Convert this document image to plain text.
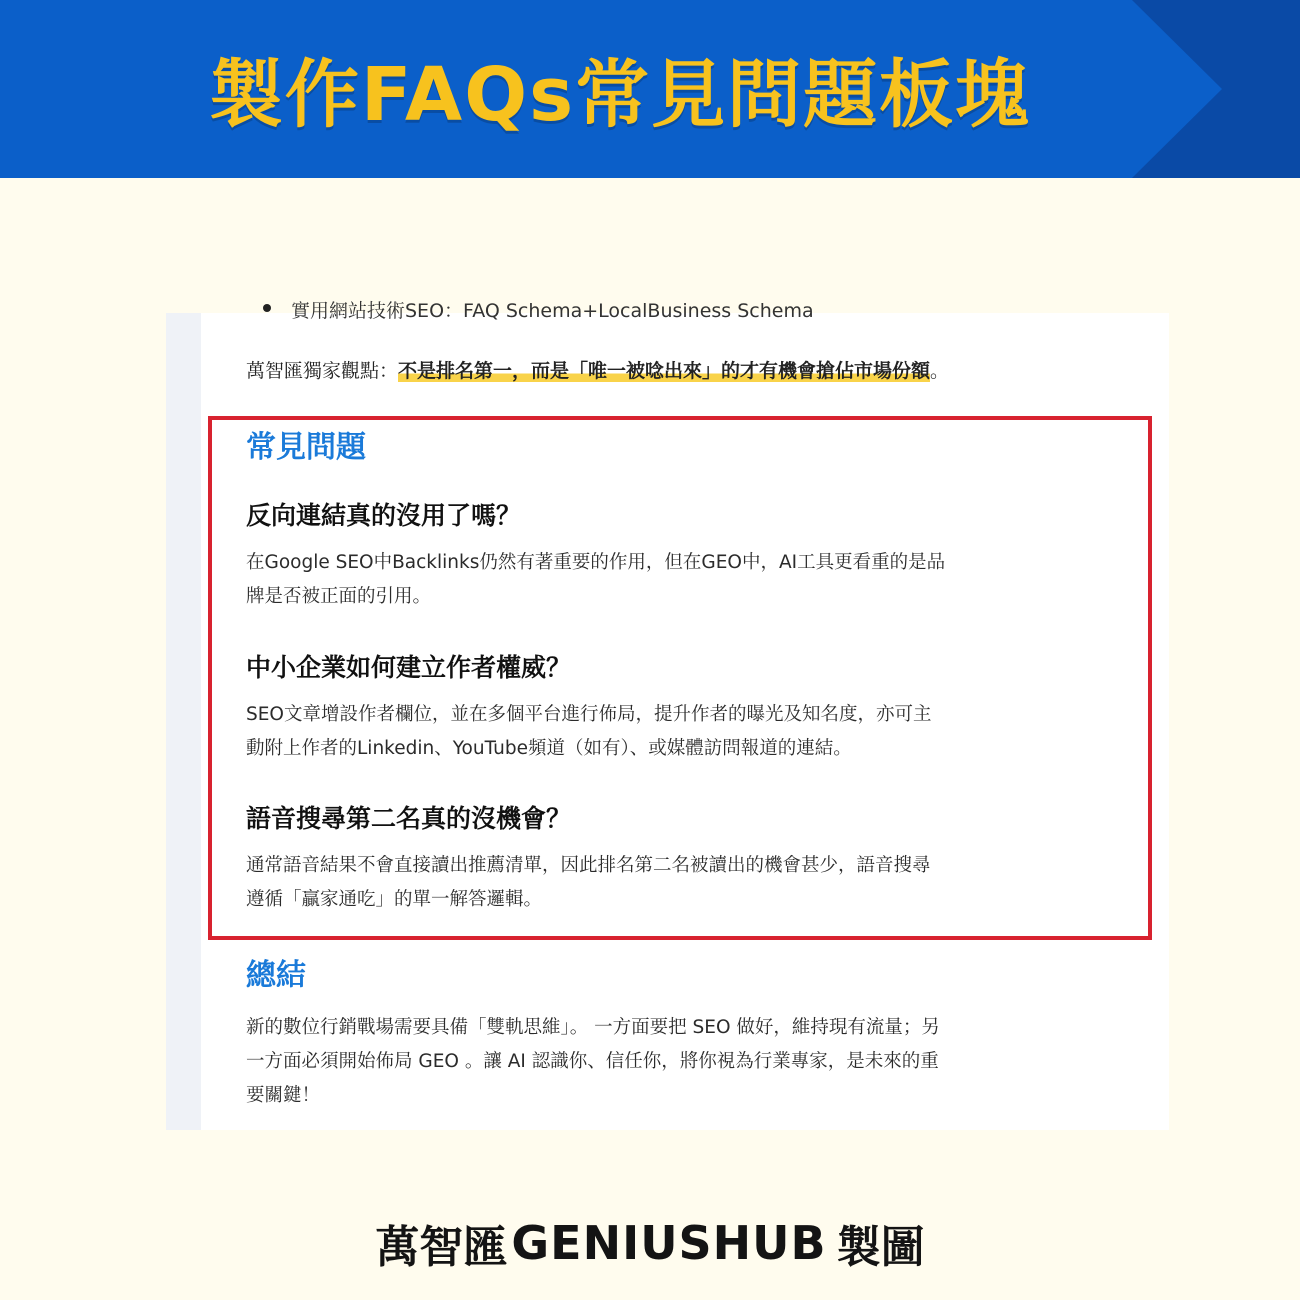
製作FAQs常見問題板塊
實用網站技術SEO：FAQ Schema+LocalBusiness Schema
萬智匯獨家觀點：不是排名第一，而是「唯一被唸出來」的才有機會搶佔市場份額。
總結

新的數位行銷戰場需要具備「雙軌思維」。 一方面要把 SEO 做好，維持現有流量；另
一方面必須開始佈局 GEO 。讓 AI 認識你、信任你，將你視為行業專家，是未來的重
要關鍵！

常見問題
反向連結真的沒用了嗎？

在Google SEO中Backlinks仍然有著重要的作用，但在GEO中，AI工具更看重的是品
牌是否被正面的引用。

中小企業如何建立作者權威？

SEO文章增設作者欄位，並在多個平台進行佈局，提升作者的曝光及知名度，亦可主
動附上作者的Linkedin、YouTube頻道（如有）、或媒體訪問報道的連結。

語音搜尋第二名真的沒機會？

通常語音結果不會直接讀出推薦清單，因此排名第二名被讀出的機會甚少，語音搜尋
遵循「贏家通吃」的單一解答邏輯。

萬智匯 GENIUSHUB 製圖
